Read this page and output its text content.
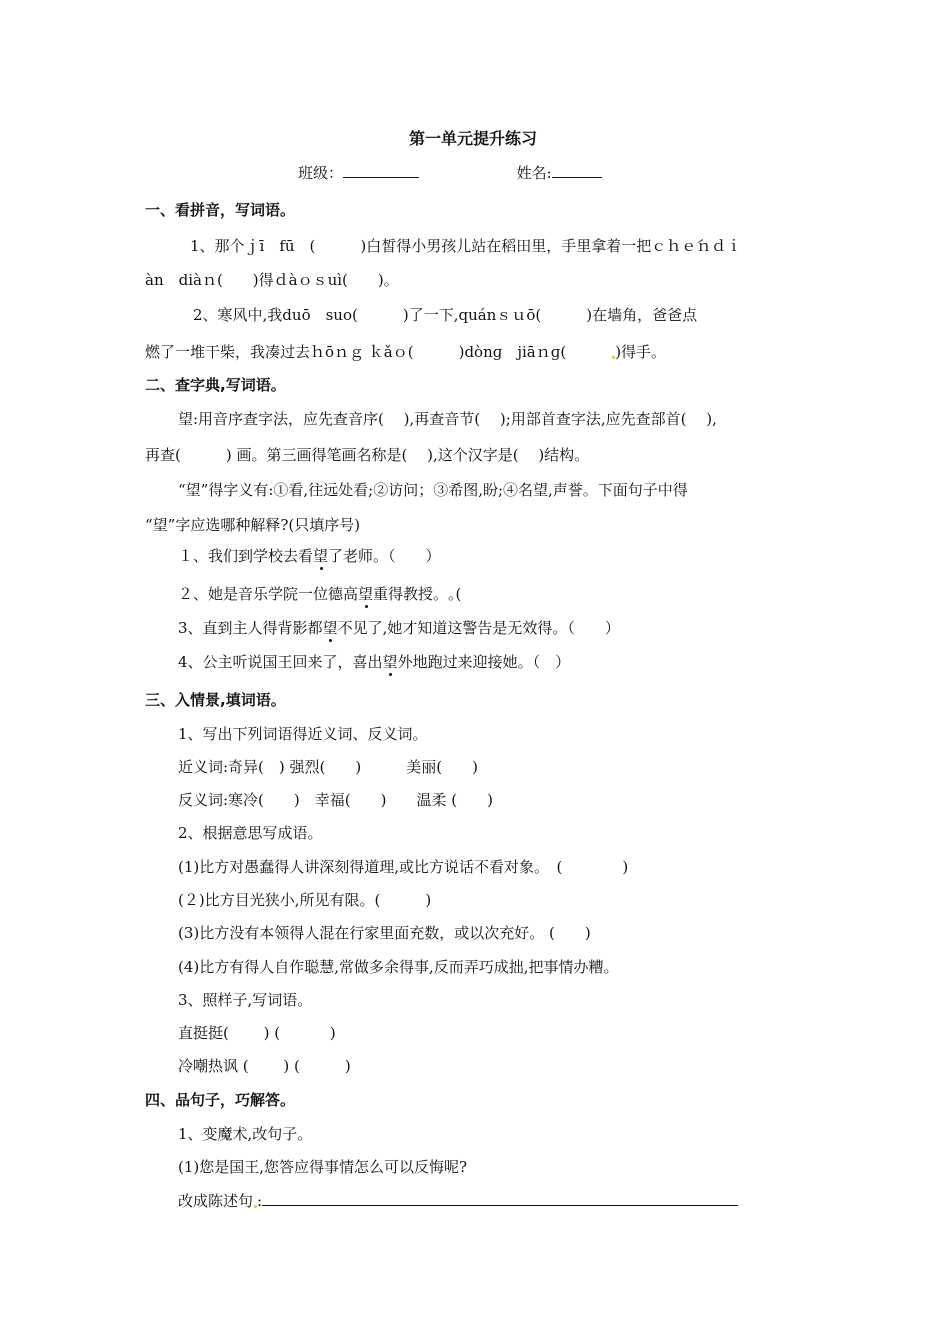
第一单元提升练习
班级：	姓名:
一、看拼音，写词语。
1、那个ｊī　fū　(　　　)白皙得小男孩儿站在稻田里，手里拿着一把ｃｈｅ́ｎｄｉ
àn　diàｎ(　　)得ｄàｏｓuì(　　)。
2、寒风中,我duō　suo(　　　)了一下,quánｓｕō(　　　)在墙角，爸爸点
燃了一堆干柴，我凑过去ｈōｎｇ ｋǎｏ(　　　)dònɡ　jiāｎɡ(　　　)得手。
二、查字典,写词语。
望:用音序查字法，应先查音序(　 ),再查音节(　 );用部首查字法,应先查部首(　 ),
再查(　　　) 画。第三画得笔画名称是(　 ),这个汉字是(　 )结构。
“望”得字义有:①看,往远处看;②访问；③希图,盼;④名望,声誉。下面句子中得
“望”字应选哪种解释?(只填序号)
１、我们到学校去看望了老师。（　　）
２、她是音乐学院一位德高望重得教授。｡(
3、直到主人得背影都望不见了,她才知道这警告是无效得。（　　）
4、公主听说国王回来了，喜出望外地跑过来迎接她。（　）
三、入情景,填词语。
1、写出下列词语得近义词、反义词。
近义词:奇异(　) 强烈(　　)　　　美丽(　　)
反义词:寒冷(　　)　幸福(　　)　　温柔 (　　)
2、根据意思写成语。
(1)比方对愚蠢得人讲深刻得道理,或比方说话不看对象。　(　　　　)
(２)比方目光狭小,所见有限。(　　　)
(3)比方没有本领得人混在行家里面充数，或以次充好。 (　　)
(4)比方有得人自作聪慧,常做多余得事,反而弄巧成拙,把事情办糟。
3、照样子,写词语。
直挺挺(　　 ) (　　　 )
冷嘲热讽 (　　 ) (　　　)
四、品句子，巧解答。
1、变魔术,改句子。
(1)您是国王,您答应得事情怎么可以反悔呢?
改成陈述句 :
